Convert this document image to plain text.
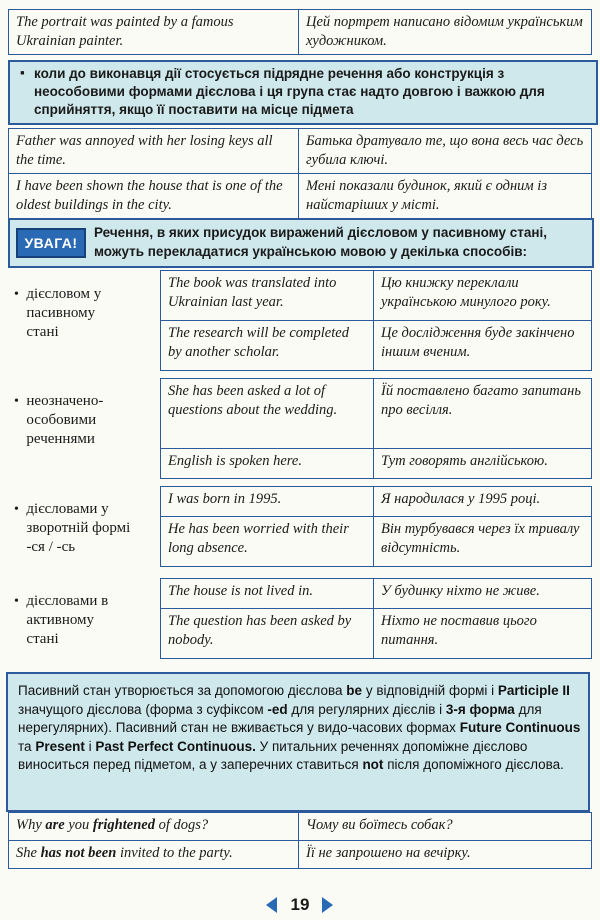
The portrait was painted by a famous Ukrainian painter.	Цей портрет написано відомим українським художником.
▪ коли до виконавця дії стосується підрядне речення або конструкція з неособовими формами дієслова і ця група стає надто довгою і важкою для сприйняття, якщо її поставити на місце підмета
Father was annoyed with her losing keys all the time.	Батька дратувало те, що вона весь час десь губила ключі.
I have been shown the house that is one of the oldest buildings in the city.	Мені показали будинок, який є одним із найстаріших у місті.
УВАГА!
Речення, в яких присудок виражений дієсловом у пасивному стані, можуть перекладатися українською мовою у декілька способів:
• дієсловом у пасивному стані
The book was translated into Ukrainian last year.	Цю книжку переклали українською минулого року.
The research will be completed by another scholar.	Це дослідження буде закінчено іншим вченим.
• неозначено-особовими реченнями
She has been asked a lot of questions about the wedding.	Їй поставлено багато запитань про весілля.
English is spoken here.	Тут говорять англійською.
• дієсловами у зворотній формі -ся / -сь
I was born in 1995.	Я народилася у 1995 році.
He has been worried with their long absence.	Він турбувався через їх тривалу відсутність.
• дієсловами в активному стані
The house is not lived in.	У будинку ніхто не живе.
The question has been asked by nobody.	Ніхто не поставив цього питання.
Пасивний стан утворюється за допомогою дієслова be у відповідній формі і Participle II значущого дієслова (форма з суфіксом -ed для регулярних дієслів і 3-я форма для нерегулярних). Пасивний стан не вживається у видо-часових формах Future Continuous та Present і Past Perfect Continuous. У питальних реченнях допоміжне дієслово виноситься перед підметом, а у заперечних ставиться not після допоміжного дієслова.
Why are you frightened of dogs?	Чому ви боїтесь собак?
She has not been invited to the party.	Її не запрошено на вечірку.
19
